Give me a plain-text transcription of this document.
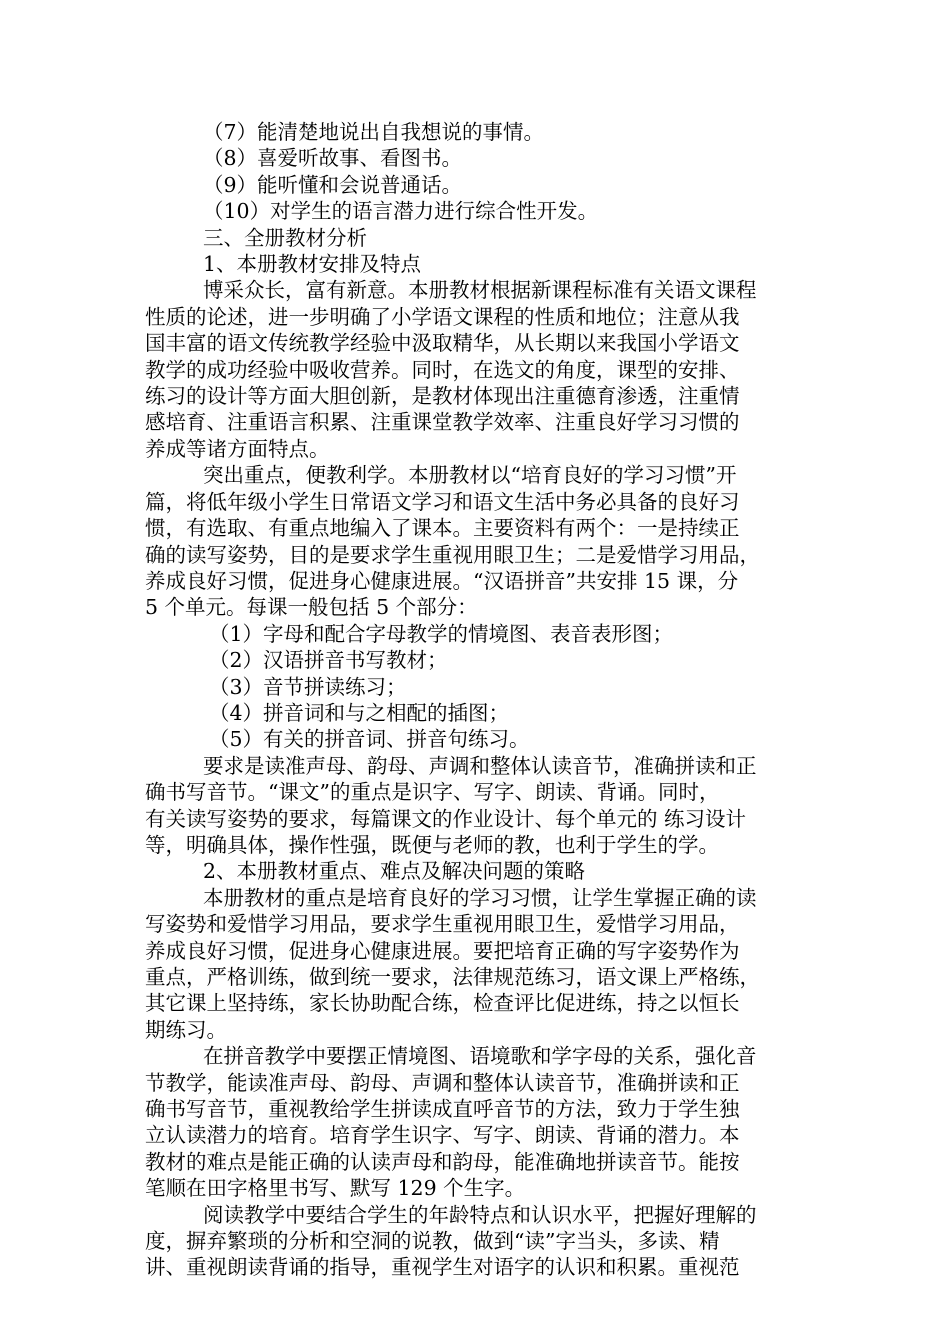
（7）能清楚地说出自我想说的事情。

（8）喜爱听故事、看图书。

（9）能听懂和会说普通话。

（10）对学生的语言潜力进行综合性开发。

三、全册教材分析

1、本册教材安排及特点

博采众长，富有新意。本册教材根据新课程标准有关语文课程

性质的论述，进一步明确了小学语文课程的性质和地位；注意从我

国丰富的语文传统教学经验中汲取精华，从长期以来我国小学语文

教学的成功经验中吸收营养。同时，在选文的角度，课型的安排、

练习的设计等方面大胆创新，是教材体现出注重德育渗透，注重情

感培育、注重语言积累、注重课堂教学效率、注重良好学习习惯的

养成等诸方面特点。

突出重点，便教利学。本册教材以“培育良好的学习习惯”开

篇，将低年级小学生日常语文学习和语文生活中务必具备的良好习

惯，有选取、有重点地编入了课本。主要资料有两个：一是持续正

确的读写姿势，目的是要求学生重视用眼卫生；二是爱惜学习用品，

养成良好习惯，促进身心健康进展。“汉语拼音”共安排 15 课，分

5 个单元。每课一般包括 5 个部分：

（1）字母和配合字母教学的情境图、表音表形图；

（2）汉语拼音书写教材；

（3）音节拼读练习；

（4）拼音词和与之相配的插图；

（5）有关的拼音词、拼音句练习。

要求是读准声母、韵母、声调和整体认读音节，准确拼读和正

确书写音节。“课文”的重点是识字、写字、朗读、背诵。同时，

有关读写姿势的要求，每篇课文的作业设计、每个单元的 练习设计

等，明确具体，操作性强，既便与老师的教，也利于学生的学。

2、本册教材重点、难点及解决问题的策略

本册教材的重点是培育良好的学习习惯，让学生掌握正确的读

写姿势和爱惜学习用品，要求学生重视用眼卫生，爱惜学习用品，

养成良好习惯，促进身心健康进展。要把培育正确的写字姿势作为

重点，严格训练，做到统一要求，法律规范练习，语文课上严格练，

其它课上坚持练，家长协助配合练，检查评比促进练，持之以恒长

期练习。

在拼音教学中要摆正情境图、语境歌和学字母的关系，强化音

节教学，能读准声母、韵母、声调和整体认读音节，准确拼读和正

确书写音节，重视教给学生拼读成直呼音节的方法，致力于学生独

立认读潜力的培育。培育学生识字、写字、朗读、背诵的潜力。本

教材的难点是能正确的认读声母和韵母，能准确地拼读音节。能按

笔顺在田字格里书写、默写 129 个生字。

阅读教学中要结合学生的年龄特点和认识水平，把握好理解的

度，摒弃繁琐的分析和空洞的说教，做到“读”字当头，多读、精

讲、重视朗读背诵的指导，重视学生对语字的认识和积累。重视范
